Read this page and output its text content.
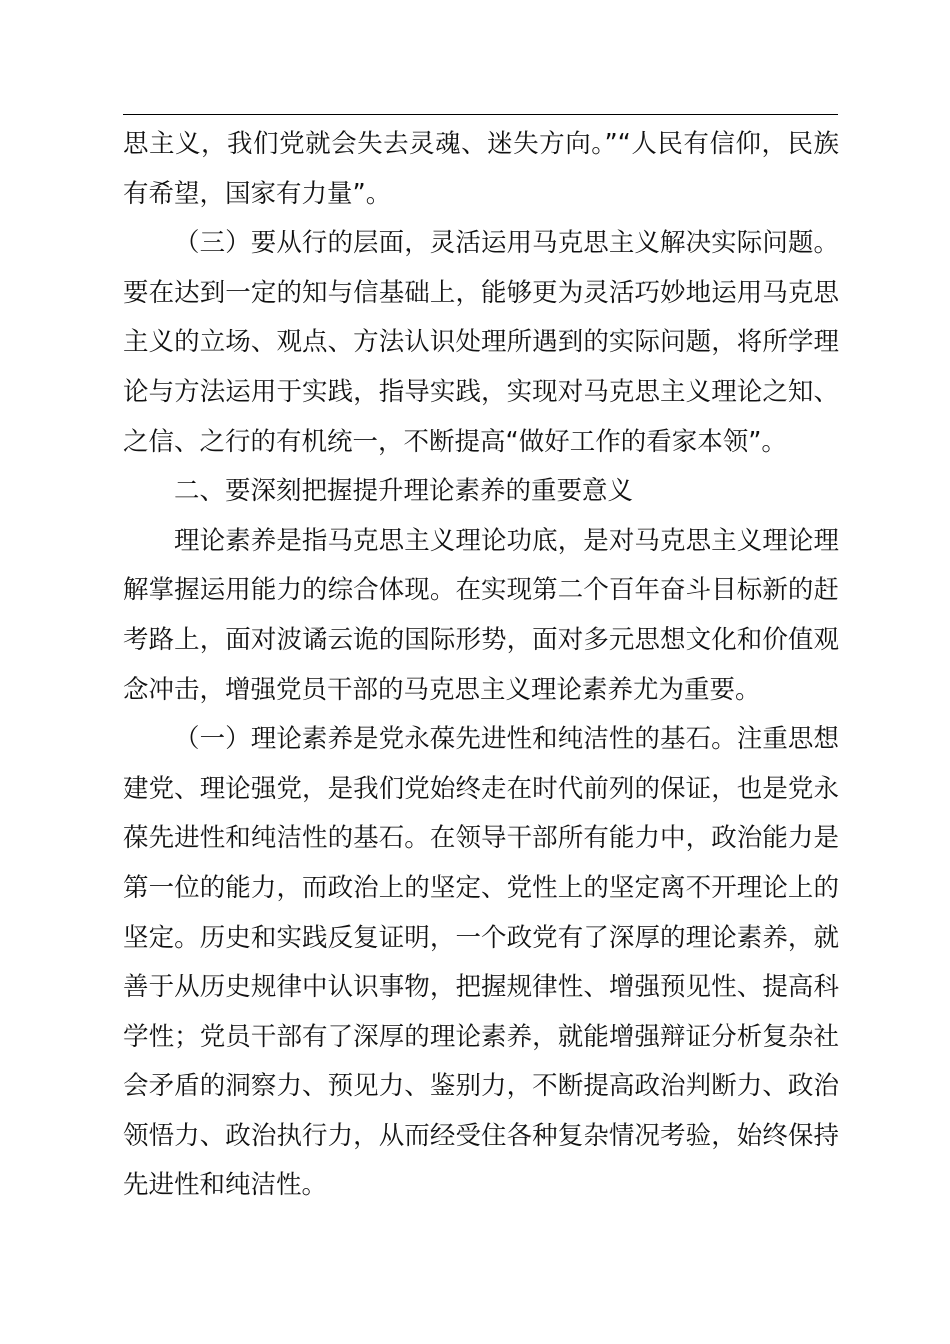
思主义，我们党就会失去灵魂、迷失方向。”“人民有信仰，民族
有希望，国家有力量”。
（三）要从行的层面，灵活运用马克思主义解决实际问题。
要在达到一定的知与信基础上，能够更为灵活巧妙地运用马克思
主义的立场、观点、方法认识处理所遇到的实际问题，将所学理
论与方法运用于实践，指导实践，实现对马克思主义理论之知、
之信、之行的有机统一，不断提高“做好工作的看家本领”。
二、要深刻把握提升理论素养的重要意义
理论素养是指马克思主义理论功底，是对马克思主义理论理
解掌握运用能力的综合体现。在实现第二个百年奋斗目标新的赶
考路上，面对波谲云诡的国际形势，面对多元思想文化和价值观
念冲击，增强党员干部的马克思主义理论素养尤为重要。
（一）理论素养是党永葆先进性和纯洁性的基石。注重思想
建党、理论强党，是我们党始终走在时代前列的保证，也是党永
葆先进性和纯洁性的基石。在领导干部所有能力中，政治能力是
第一位的能力，而政治上的坚定、党性上的坚定离不开理论上的
坚定。历史和实践反复证明，一个政党有了深厚的理论素养，就
善于从历史规律中认识事物，把握规律性、增强预见性、提高科
学性；党员干部有了深厚的理论素养，就能增强辩证分析复杂社
会矛盾的洞察力、预见力、鉴别力，不断提高政治判断力、政治
领悟力、政治执行力，从而经受住各种复杂情况考验，始终保持
先进性和纯洁性。
